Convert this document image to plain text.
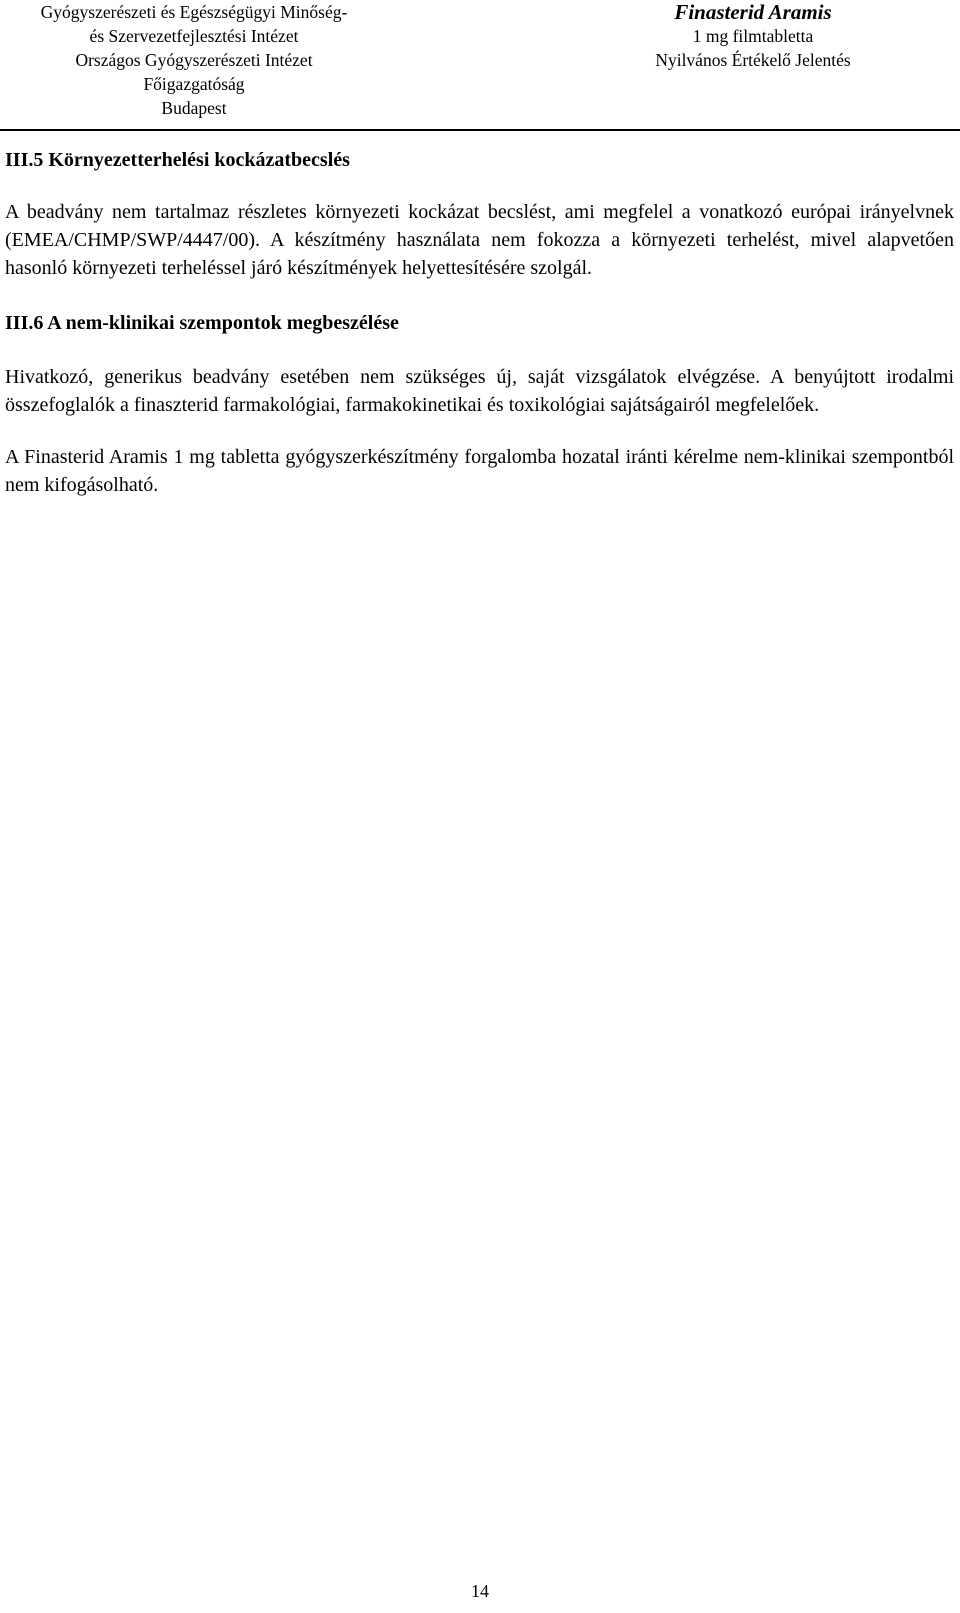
Gyógyszerészeti és Egészségügyi Minőség-
és Szervezetfejlesztési Intézet
Országos Gyógyszerészeti Intézet
Főigazgatóság
Budapest
Finasterid Aramis
1 mg filmtabletta
Nyilvános Értékelő Jelentés
III.5 Környezetterhelési kockázatbecslés

A beadvány nem tartalmaz részletes környezeti kockázat becslést, ami megfelel a vonatkozó európai irányelvnek (EMEA/CHMP/SWP/4447/00). A készítmény használata nem fokozza a környezeti terhelést, mivel alapvetően hasonló környezeti terheléssel járó készítmények helyettesítésére szolgál.

III.6 A nem-klinikai szempontok megbeszélése

Hivatkozó, generikus beadvány esetében nem szükséges új, saját vizsgálatok elvégzése. A benyújtott irodalmi összefoglalók a finaszterid farmakológiai, farmakokinetikai és toxikológiai sajátságairól megfelelőek.

A Finasterid Aramis 1 mg tabletta gyógyszerkészítmény forgalomba hozatal iránti kérelme nem-klinikai szempontból nem kifogásolható.

14
